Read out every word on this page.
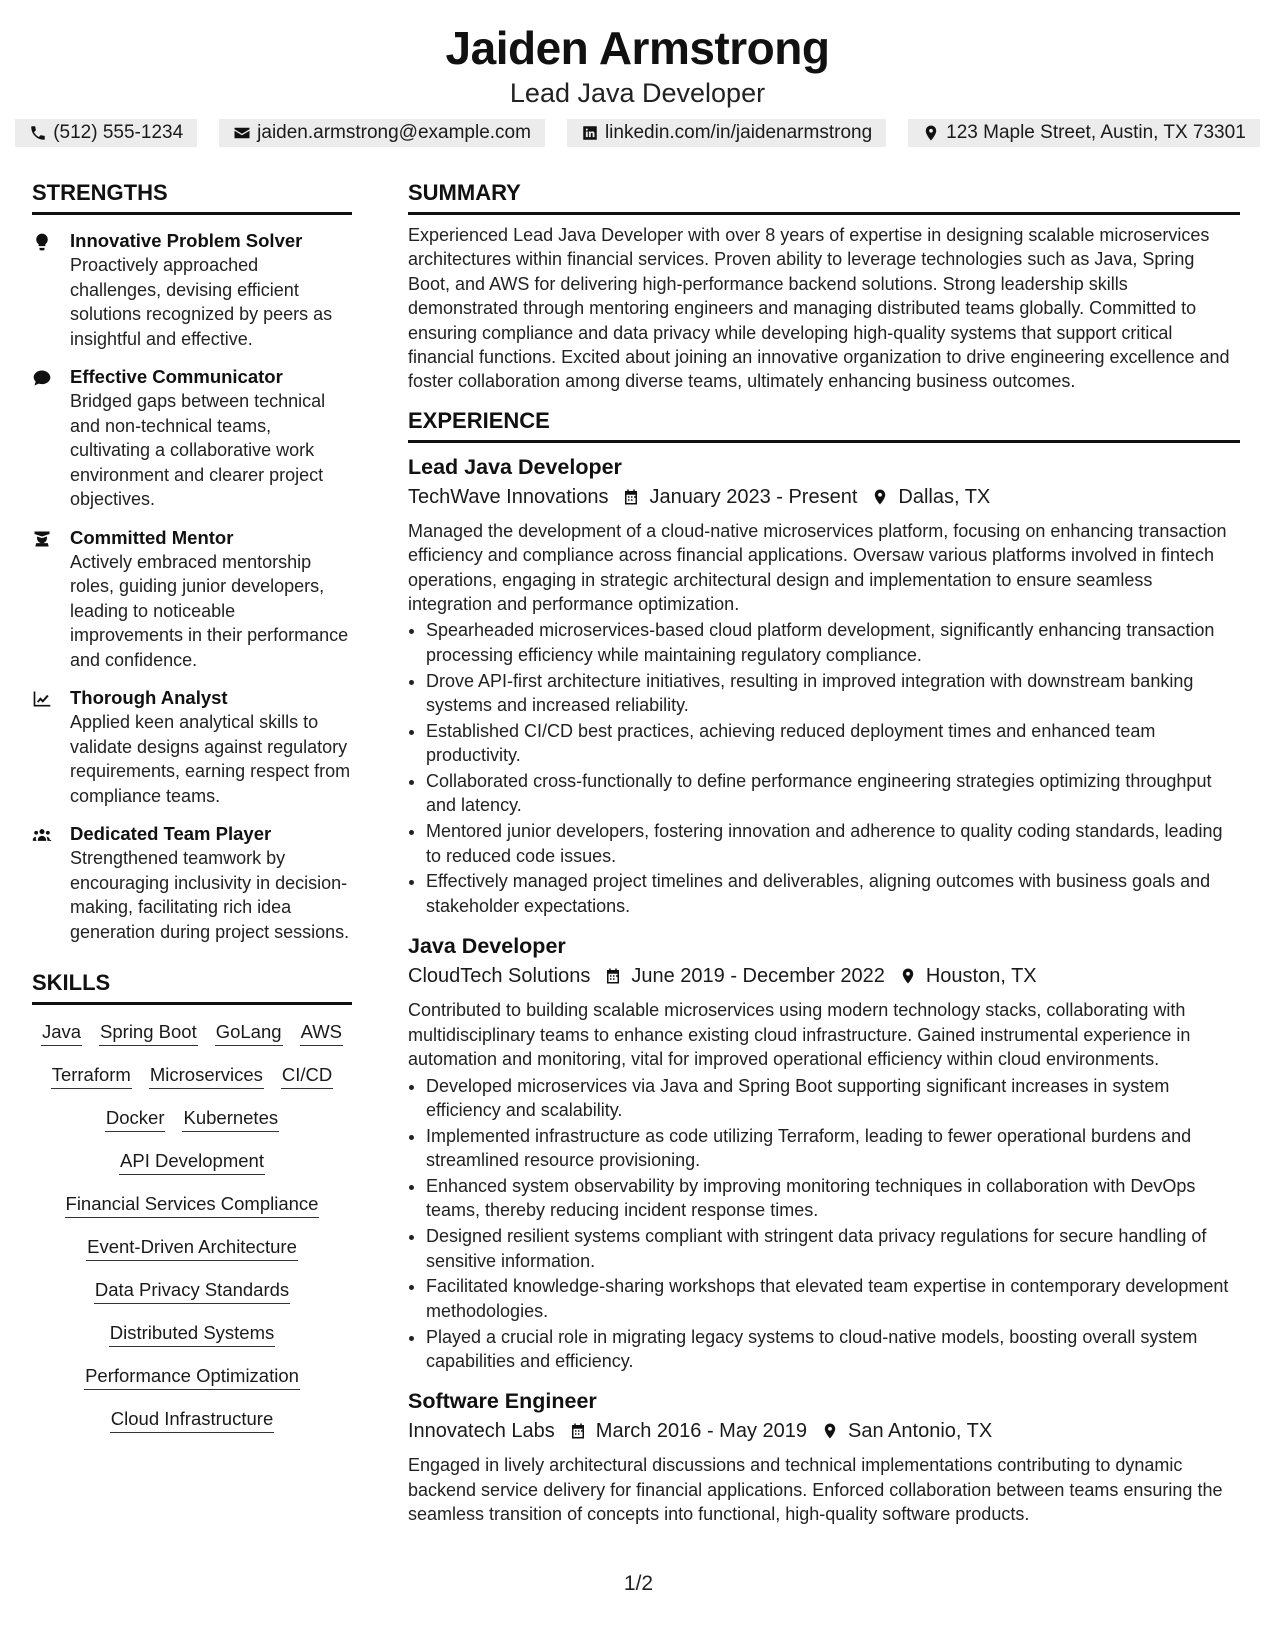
Jaiden Armstrong
Lead Java Developer
(512) 555-1234	jaiden.armstrong@example.com	linkedin.com/in/jaidenarmstrong	123 Maple Street, Austin, TX 73301
STRENGTHS
Innovative Problem Solver
Proactively approached challenges, devising efficient solutions recognized by peers as insightful and effective.
Effective Communicator
Bridged gaps between technical and non-technical teams, cultivating a collaborative work environment and clearer project objectives.
Committed Mentor
Actively embraced mentorship roles, guiding junior developers, leading to noticeable improvements in their performance and confidence.
Thorough Analyst
Applied keen analytical skills to validate designs against regulatory requirements, earning respect from compliance teams.
Dedicated Team Player
Strengthened teamwork by encouraging inclusivity in decision-making, facilitating rich idea generation during project sessions.
SKILLS
Java Spring Boot GoLang AWS
Terraform Microservices CI/CD
Docker Kubernetes
API Development
Financial Services Compliance
Event-Driven Architecture
Data Privacy Standards
Distributed Systems
Performance Optimization
Cloud Infrastructure
SUMMARY
Experienced Lead Java Developer with over 8 years of expertise in designing scalable microservices architectures within financial services. Proven ability to leverage technologies such as Java, Spring Boot, and AWS for delivering high-performance backend solutions. Strong leadership skills demonstrated through mentoring engineers and managing distributed teams globally. Committed to ensuring compliance and data privacy while developing high-quality systems that support critical financial functions. Excited about joining an innovative organization to drive engineering excellence and foster collaboration among diverse teams, ultimately enhancing business outcomes.
EXPERIENCE
Lead Java Developer
TechWave Innovations January 2023 - Present Dallas, TX
Managed the development of a cloud-native microservices platform, focusing on enhancing transaction efficiency and compliance across financial applications. Oversaw various platforms involved in fintech operations, engaging in strategic architectural design and implementation to ensure seamless integration and performance optimization.
• Spearheaded microservices-based cloud platform development, significantly enhancing transaction processing efficiency while maintaining regulatory compliance.
• Drove API-first architecture initiatives, resulting in improved integration with downstream banking systems and increased reliability.
• Established CI/CD best practices, achieving reduced deployment times and enhanced team productivity.
• Collaborated cross-functionally to define performance engineering strategies optimizing throughput and latency.
• Mentored junior developers, fostering innovation and adherence to quality coding standards, leading to reduced code issues.
• Effectively managed project timelines and deliverables, aligning outcomes with business goals and stakeholder expectations.
Java Developer
CloudTech Solutions June 2019 - December 2022 Houston, TX
Contributed to building scalable microservices using modern technology stacks, collaborating with multidisciplinary teams to enhance existing cloud infrastructure. Gained instrumental experience in automation and monitoring, vital for improved operational efficiency within cloud environments.
• Developed microservices via Java and Spring Boot supporting significant increases in system efficiency and scalability.
• Implemented infrastructure as code utilizing Terraform, leading to fewer operational burdens and streamlined resource provisioning.
• Enhanced system observability by improving monitoring techniques in collaboration with DevOps teams, thereby reducing incident response times.
• Designed resilient systems compliant with stringent data privacy regulations for secure handling of sensitive information.
• Facilitated knowledge-sharing workshops that elevated team expertise in contemporary development methodologies.
• Played a crucial role in migrating legacy systems to cloud-native models, boosting overall system capabilities and efficiency.
Software Engineer
Innovatech Labs March 2016 - May 2019 San Antonio, TX
Engaged in lively architectural discussions and technical implementations contributing to dynamic backend service delivery for financial applications. Enforced collaboration between teams ensuring the seamless transition of concepts into functional, high-quality software products.
1/2
